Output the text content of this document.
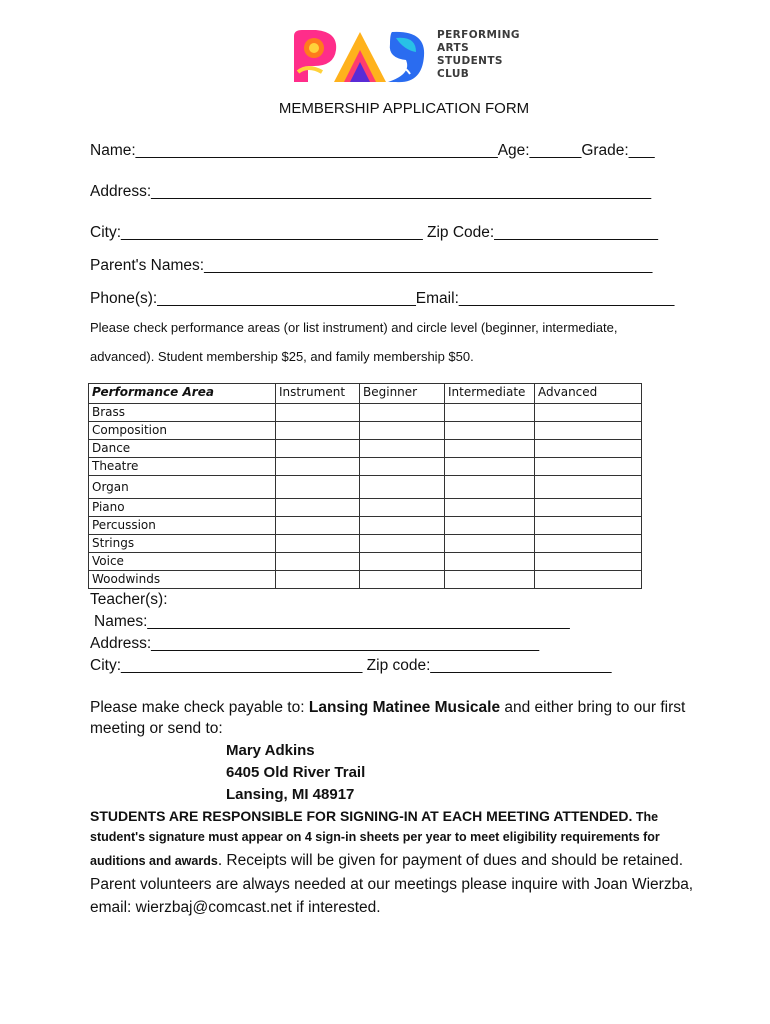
PERFORMING
ARTS
STUDENTS
CLUB
MEMBERSHIP APPLICATION FORM
Name:__________________________________________Age:______Grade:___
Address:__________________________________________________________
City:___________________________________ Zip Code:___________________
Parent's Names:____________________________________________________
Phone(s):______________________________Email:_________________________
Please check performance areas (or list instrument) and circle level (beginner, intermediate,
advanced). Student membership $25, and family membership $50.
Performance Area	Instrument	Beginner	Intermediate	Advanced
Brass				
Composition				
Dance				
Theatre				
Organ				
Piano				
Percussion				
Strings				
Voice				
Woodwinds				
Teacher(s):
Names:_________________________________________________
Address:_____________________________________________
City:____________________________ Zip code:_____________________
Please make check payable to: Lansing Matinee Musicale and either bring to our first
meeting or send to:
Mary Adkins
6405 Old River Trail
Lansing, MI 48917
STUDENTS ARE RESPONSIBLE FOR SIGNING-IN AT EACH MEETING ATTENDED. The
student's signature must appear on 4 sign-in sheets per year to meet eligibility requirements for
auditions and awards. Receipts will be given for payment of dues and should be retained.
Parent volunteers are always needed at our meetings please inquire with Joan Wierzba,
email: wierzbaj@comcast.net if interested.
